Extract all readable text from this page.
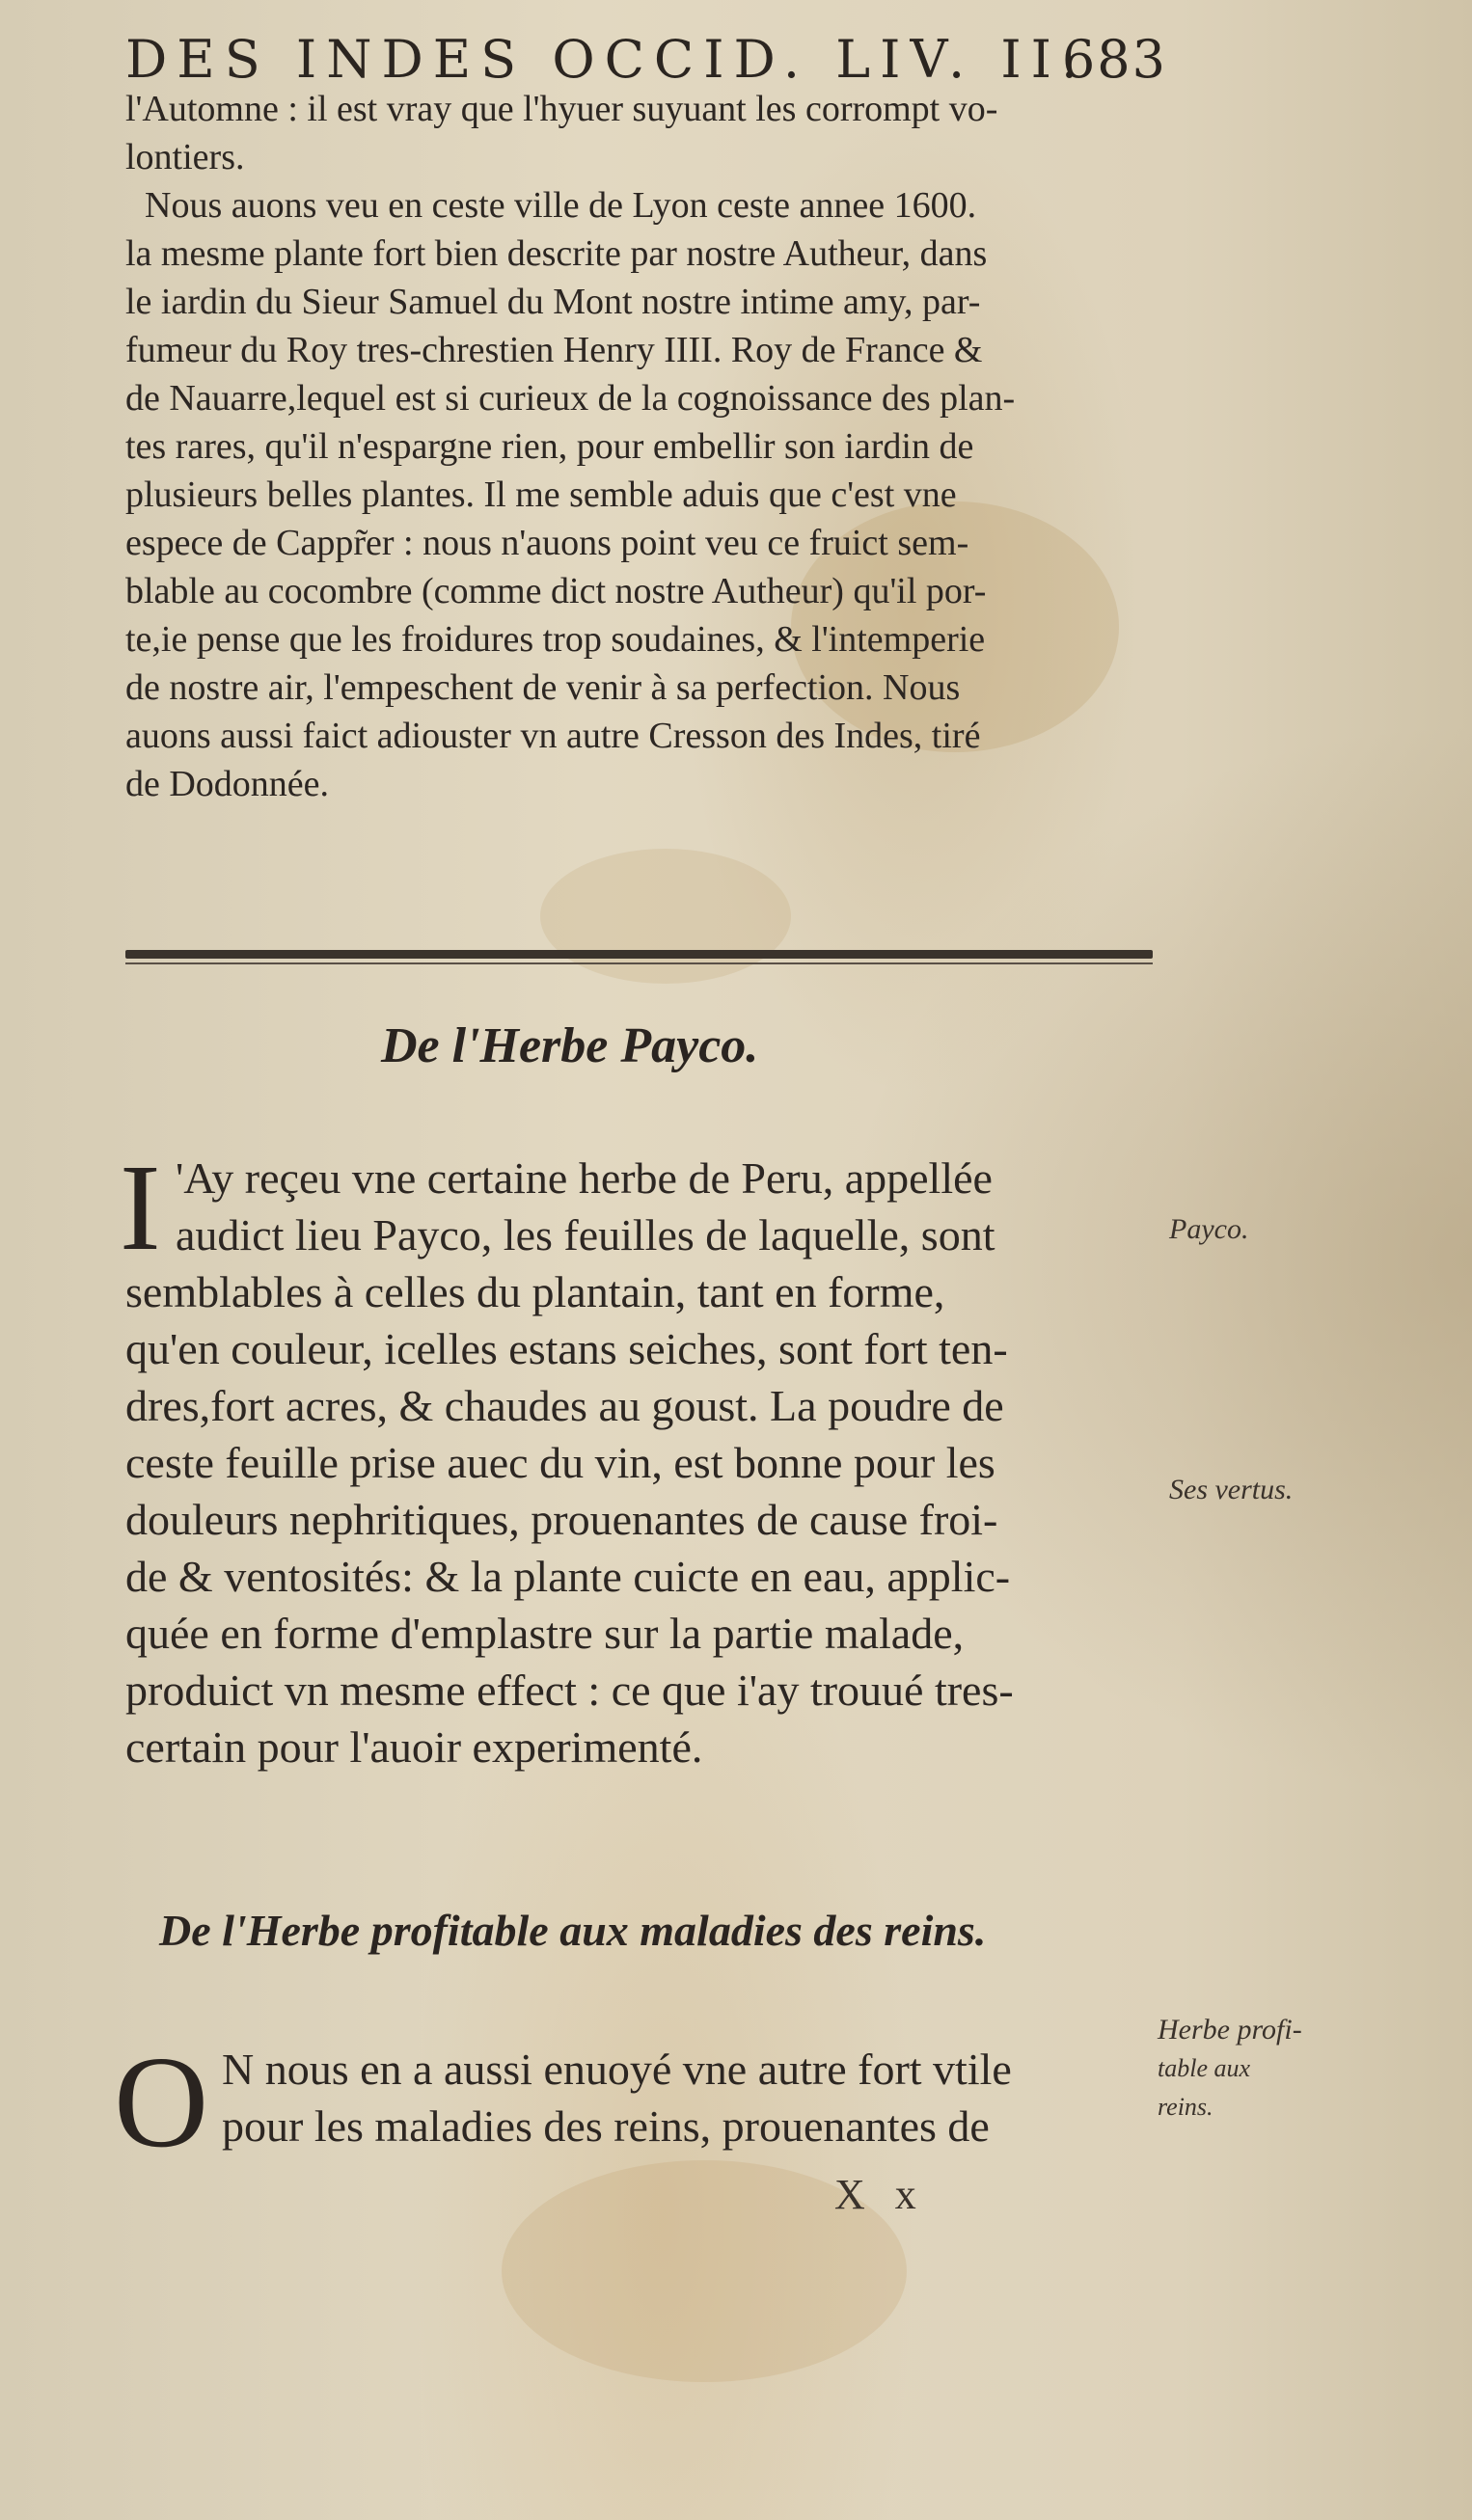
DES INDES OCCID. LIV. II.
683
l'Automne : il est vray que l'hyuer suyuant les corrompt vo-
lontiers.
Nous auons veu en ceste ville de Lyon ceste annee 1600.
la mesme plante fort bien descrite par nostre Autheur, dans
le iardin du Sieur Samuel du Mont nostre intime amy, par-
fumeur du Roy tres-chrestien Henry IIII. Roy de France &
de Nauarre,lequel est si curieux de la cognoissance des plan-
tes rares, qu'il n'espargne rien, pour embellir son iardin de
plusieurs belles plantes. Il me semble aduis que c'est vne
espece de Cappr̃er : nous n'auons point veu ce fruict sem-
blable au cocombre (comme dict nostre Autheur) qu'il por-
te,ie pense que les froidures trop soudaines, & l'intemperie
de nostre air, l'empeschent de venir à sa perfection. Nous
auons aussi faict adiouster vn autre Cresson des Indes, tiré
de Dodonnée.
De l'Herbe Payco.
I 'Ay reçeu vne certaine herbe de Peru, appellée
audict lieu Payco, les feuilles de laquelle, sont
semblables à celles du plantain, tant en forme,
qu'en couleur, icelles estans seiches, sont fort ten-
dres,fort acres, & chaudes au goust. La poudre de
ceste feuille prise auec du vin, est bonne pour les
douleurs nephritiques, prouenantes de cause froi-
de & ventosités: & la plante cuicte en eau, applic-
quée en forme d'emplastre sur la partie malade,
produict vn mesme effect : ce que i'ay trouué tres-
certain pour l'auoir experimenté.
Payco.
Ses vertus.
De l'Herbe profitable aux maladies des reins.
O N nous en a aussi enuoyé vne autre fort vtile
pour les maladies des reins, prouenantes de
Herbe profi-
table aux
reins.
X x
